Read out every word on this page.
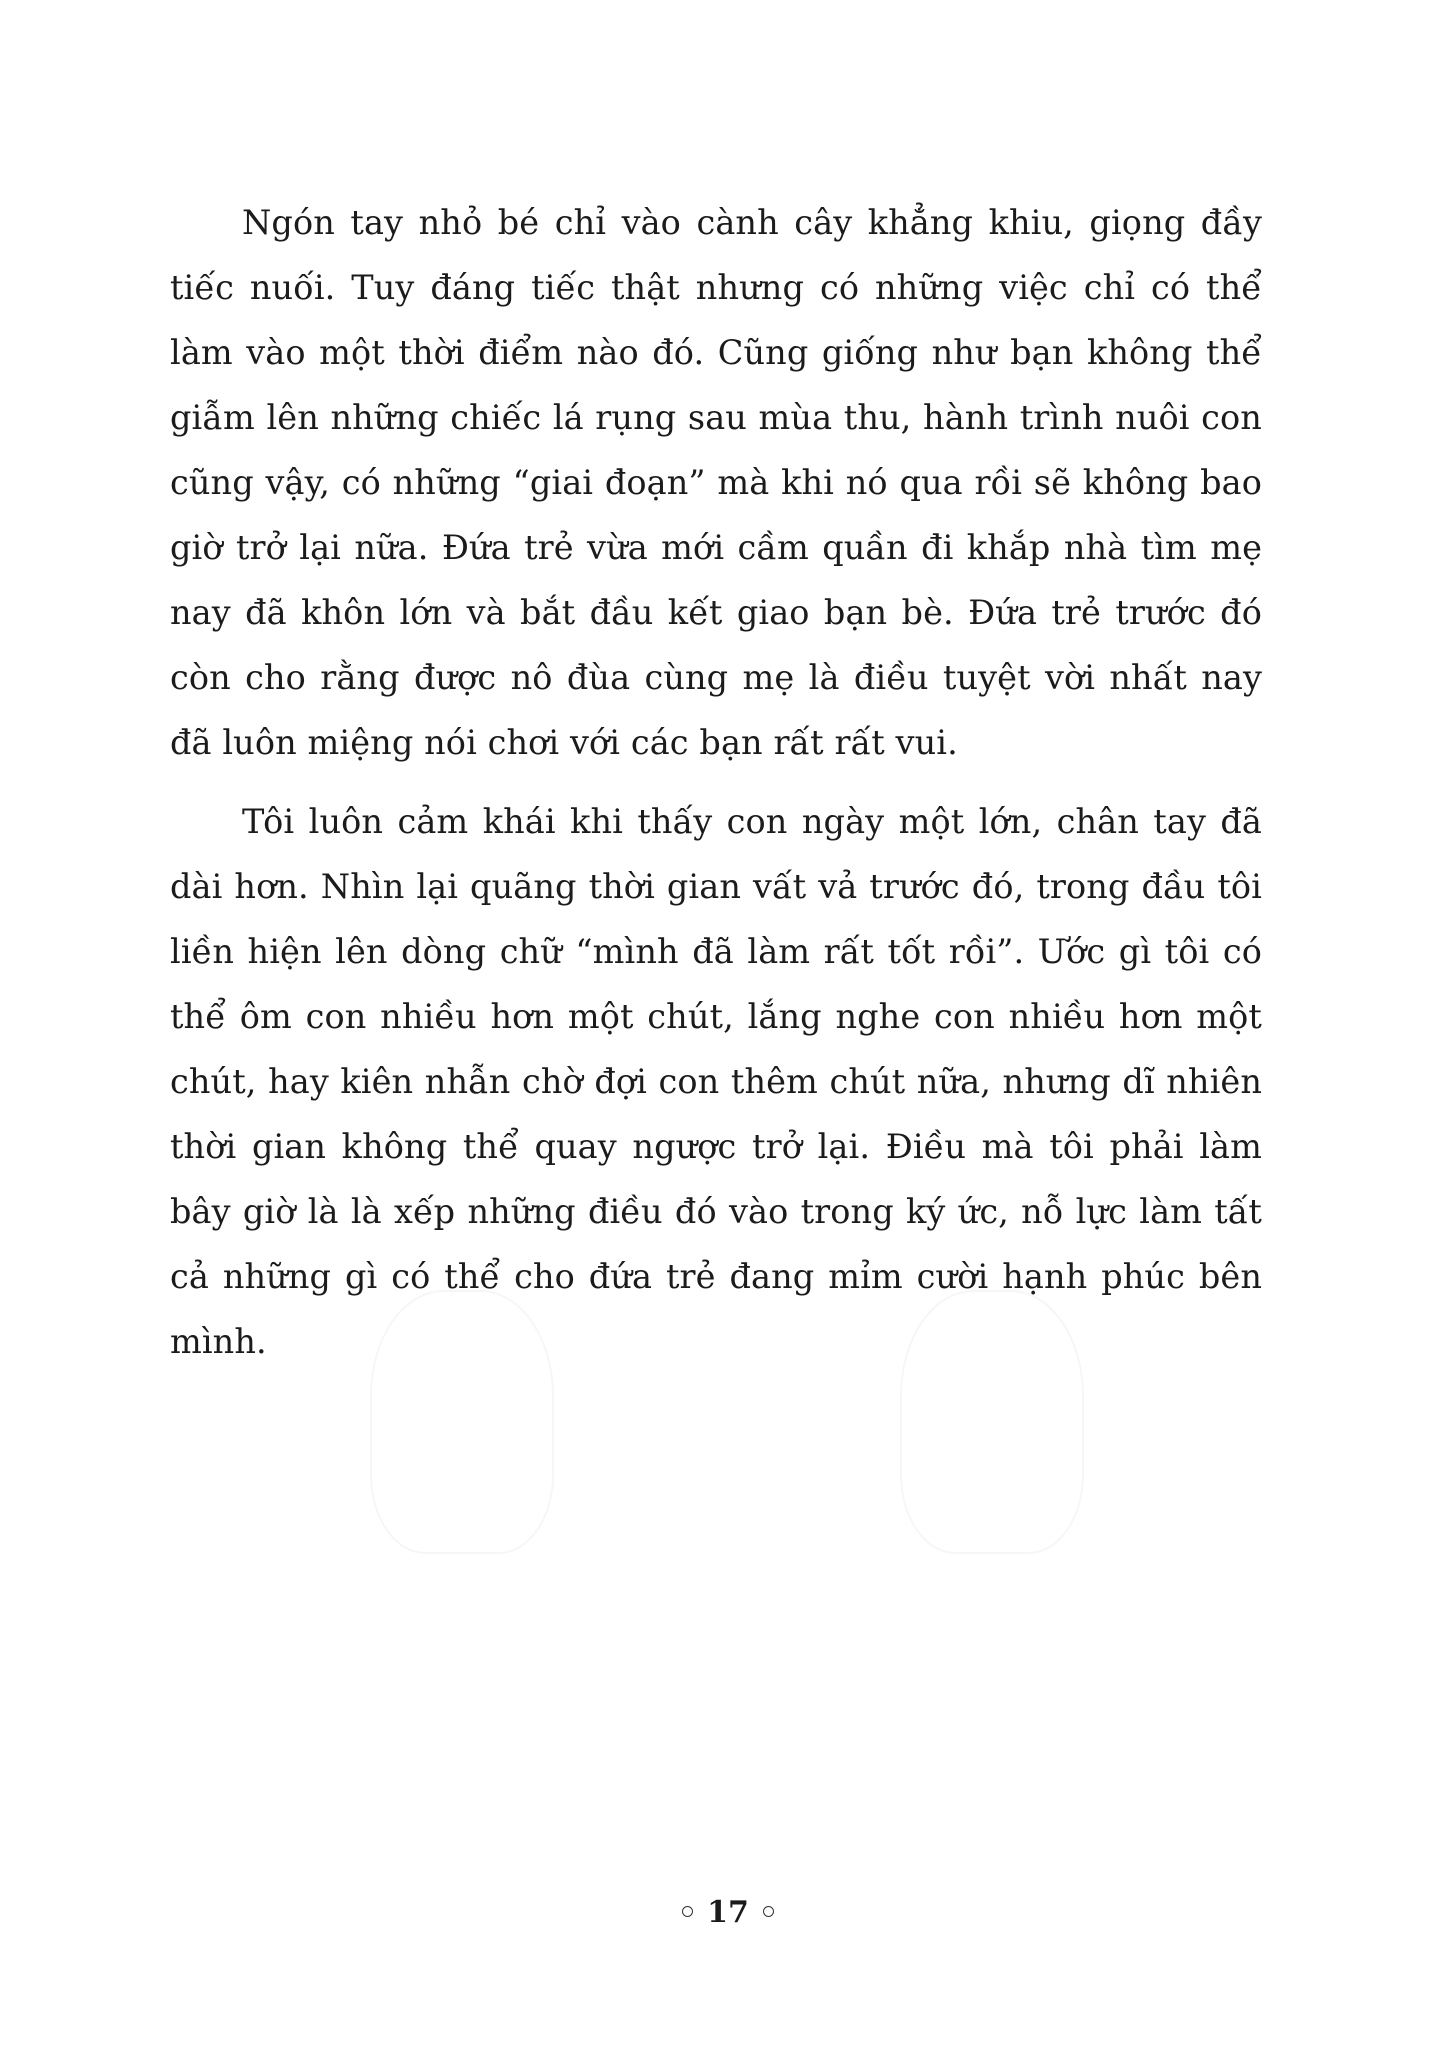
Ngón tay nhỏ bé chỉ vào cành cây khẳng khiu, giọng đầy tiếc nuối. Tuy đáng tiếc thật nhưng có những việc chỉ có thể làm vào một thời điểm nào đó. Cũng giống như bạn không thể giẫm lên những chiếc lá rụng sau mùa thu, hành trình nuôi con cũng vậy, có những “giai đoạn” mà khi nó qua rồi sẽ không bao giờ trở lại nữa. Đứa trẻ vừa mới cầm quần đi khắp nhà tìm mẹ nay đã khôn lớn và bắt đầu kết giao bạn bè. Đứa trẻ trước đó còn cho rằng được nô đùa cùng mẹ là điều tuyệt vời nhất nay đã luôn miệng nói chơi với các bạn rất rất vui.

Tôi luôn cảm khái khi thấy con ngày một lớn, chân tay đã dài hơn. Nhìn lại quãng thời gian vất vả trước đó, trong đầu tôi liền hiện lên dòng chữ “mình đã làm rất tốt rồi”. Ước gì tôi có thể ôm con nhiều hơn một chút, lắng nghe con nhiều hơn một chút, hay kiên nhẫn chờ đợi con thêm chút nữa, nhưng dĩ nhiên thời gian không thể quay ngược trở lại. Điều mà tôi phải làm bây giờ là là xếp những điều đó vào trong ký ức, nỗ lực làm tất cả những gì có thể cho đứa trẻ đang mỉm cười hạnh phúc bên mình.

17
